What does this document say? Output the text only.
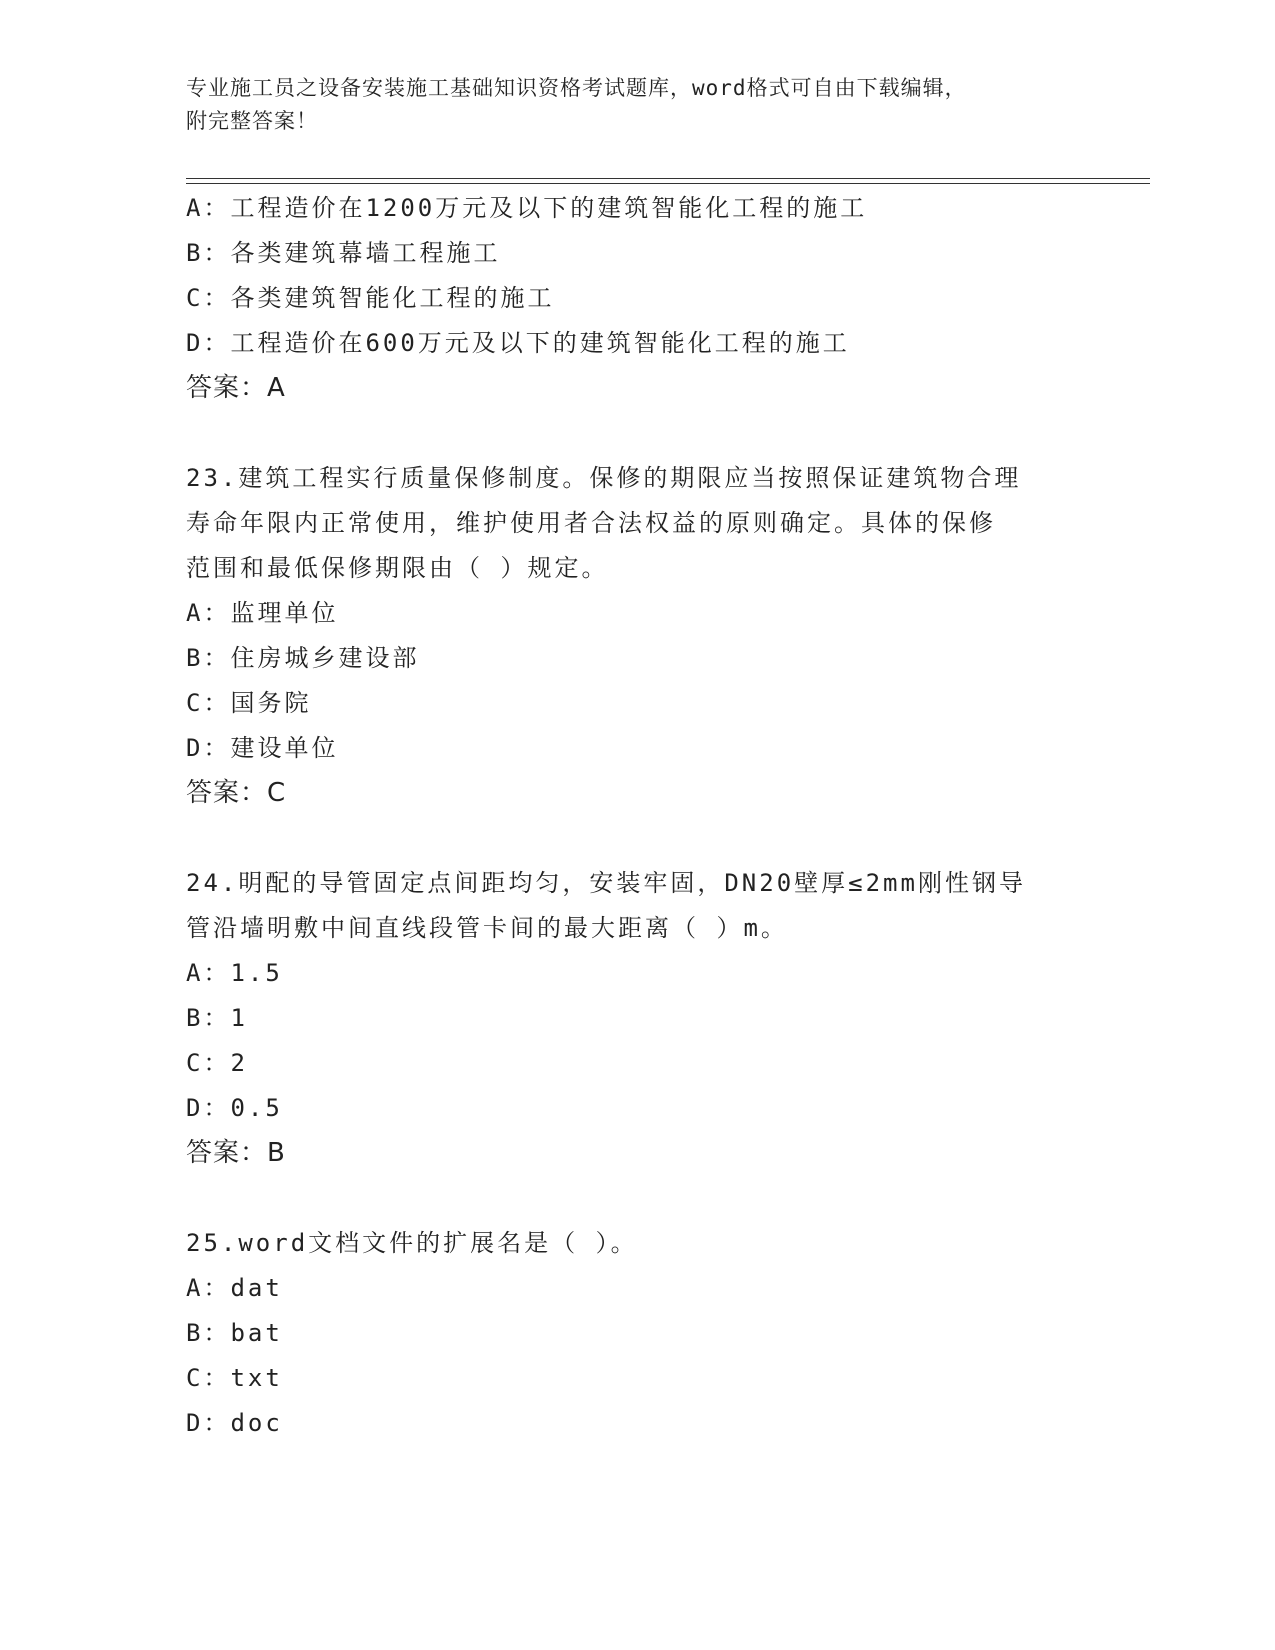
专业施工员之设备安装施工基础知识资格考试题库，word格式可自由下载编辑，
附完整答案！
A：工程造价在1200万元及以下的建筑智能化工程的施工
B：各类建筑幕墙工程施工
C：各类建筑智能化工程的施工
D：工程造价在600万元及以下的建筑智能化工程的施工
答案：A
23.建筑工程实行质量保修制度。保修的期限应当按照保证建筑物合理
寿命年限内正常使用，维护使用者合法权益的原则确定。具体的保修
范围和最低保修期限由（ ）规定。
A：监理单位
B：住房城乡建设部
C：国务院
D：建设单位
答案：C
24.明配的导管固定点间距均匀，安装牢固，DN20壁厚≤2mm刚性钢导
管沿墙明敷中间直线段管卡间的最大距离（ ）m。
A：1.5
B：1
C：2
D：0.5
答案：B
25.word文档文件的扩展名是（ ）。
A：dat
B：bat
C：txt
D：doc
